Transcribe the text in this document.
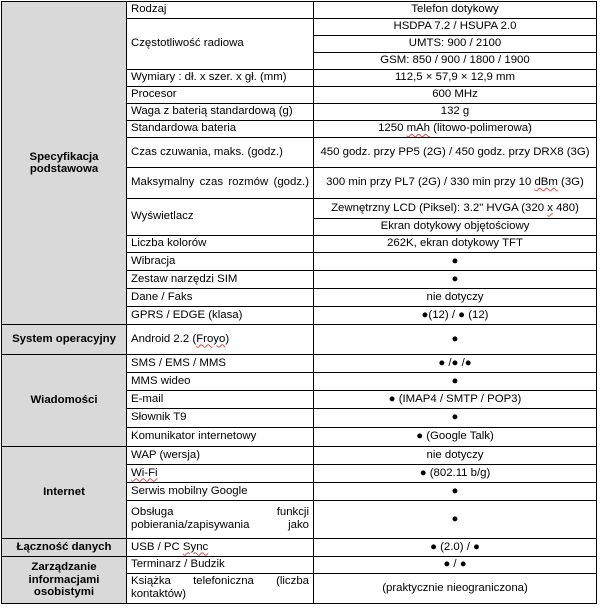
Specyfikacja podstawowa	Rodzaj	Telefon dotykowy
	Częstotliwość radiowa	HSDPA 7.2 / HSUPA 2.0
		UMTS: 900 / 2100
		GSM: 850 / 900 / 1800 / 1900
	Wymiary : dł. x szer. x gł. (mm)	112,5 × 57,9 × 12,9 mm
	Procesor	600 MHz
	Waga z baterią standardową (g)	132 g
	Standardowa bateria	1250 mAh (litowo-polimerowa)
	Czas czuwania, maks. (godz.)	450 godz. przy PP5 (2G) / 450 godz. przy DRX8 (3G)
	Maksymalny czas rozmów (godz.)	300 min przy PL7 (2G) / 330 min przy 10 dBm (3G)
	Wyświetlacz	Zewnętrzny LCD (Piksel): 3.2" HVGA (320 x 480)
		Ekran dotykowy objętościowy
	Liczba kolorów	262K, ekran dotykowy TFT
	Wibracja	●
	Zestaw narzędzi SIM	●
	Dane / Faks	nie dotyczy
	GPRS / EDGE (klasa)	●(12) / ● (12)
System operacyjny	Android 2.2 (Froyo)	●
Wiadomości	SMS / EMS / MMS	● /● /●
	MMS wideo	●
	E-mail	● (IMAP4 / SMTP / POP3)
	Słownik T9	●
	Komunikator internetowy	● (Google Talk)
Internet	WAP (wersja)	nie dotyczy
	Wi-Fi	● (802.11 b/g)
	Serwis mobilny Google	●
	Obsługa funkcji pobierania/zapisywania jako	●
Łączność danych	USB / PC Sync	● (2.0) / ●
Zarządzanie informacjami osobistymi	Terminarz / Budzik	● / ●
	Książka telefoniczna (liczba kontaktów)	(praktycznie nieograniczona)
